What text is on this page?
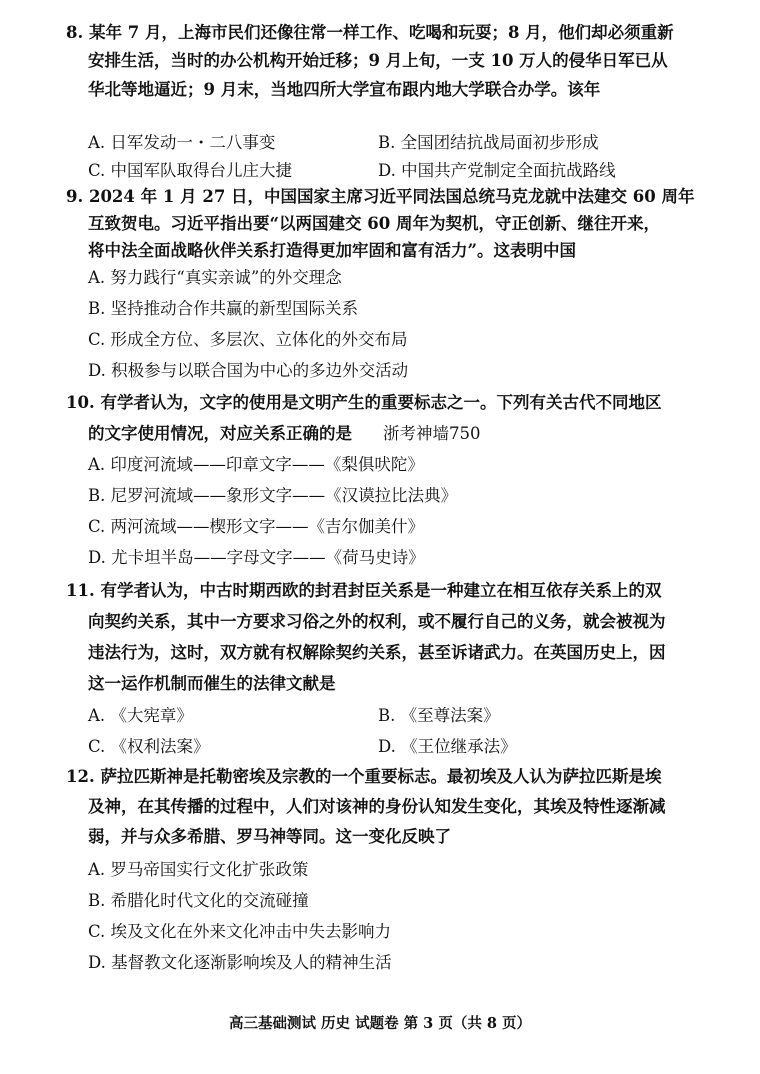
8. 某年 7 月，上海市民们还像往常一样工作、吃喝和玩耍；8 月，他们却必须重新
安排生活，当时的办公机构开始迁移；9 月上旬，一支 10 万人的侵华日军已从
华北等地逼近；9 月末，当地四所大学宣布跟内地大学联合办学。该年
A. 日军发动一・二八事变	B. 全国团结抗战局面初步形成
C. 中国军队取得台儿庄大捷	D. 中国共产党制定全面抗战路线
9. 2024 年 1 月 27 日，中国国家主席习近平同法国总统马克龙就中法建交 60 周年
互致贺电。习近平指出要“以两国建交 60 周年为契机，守正创新、继往开来，
将中法全面战略伙伴关系打造得更加牢固和富有活力”。这表明中国
A. 努力践行“真实亲诚”的外交理念
B. 坚持推动合作共赢的新型国际关系
C. 形成全方位、多层次、立体化的外交布局
D. 积极参与以联合国为中心的多边外交活动
10. 有学者认为，文字的使用是文明产生的重要标志之一。下列有关古代不同地区
的文字使用情况，对应关系正确的是 浙考神墙750
A. 印度河流域——印章文字——《梨俱吠陀》
B. 尼罗河流域——象形文字——《汉谟拉比法典》
C. 两河流域——楔形文字——《吉尔伽美什》
D. 尤卡坦半岛——字母文字——《荷马史诗》
11. 有学者认为，中古时期西欧的封君封臣关系是一种建立在相互依存关系上的双
向契约关系，其中一方要求习俗之外的权利，或不履行自己的义务，就会被视为
违法行为，这时，双方就有权解除契约关系，甚至诉诸武力。在英国历史上，因
这一运作机制而催生的法律文献是
A. 《大宪章》	B. 《至尊法案》
C. 《权利法案》	D. 《王位继承法》
12. 萨拉匹斯神是托勒密埃及宗教的一个重要标志。最初埃及人认为萨拉匹斯是埃
及神，在其传播的过程中，人们对该神的身份认知发生变化，其埃及特性逐渐减
弱，并与众多希腊、罗马神等同。这一变化反映了
A. 罗马帝国实行文化扩张政策
B. 希腊化时代文化的交流碰撞
C. 埃及文化在外来文化冲击中失去影响力
D. 基督教文化逐渐影响埃及人的精神生活
高三基础测试 历史 试题卷 第 3 页（共 8 页）
